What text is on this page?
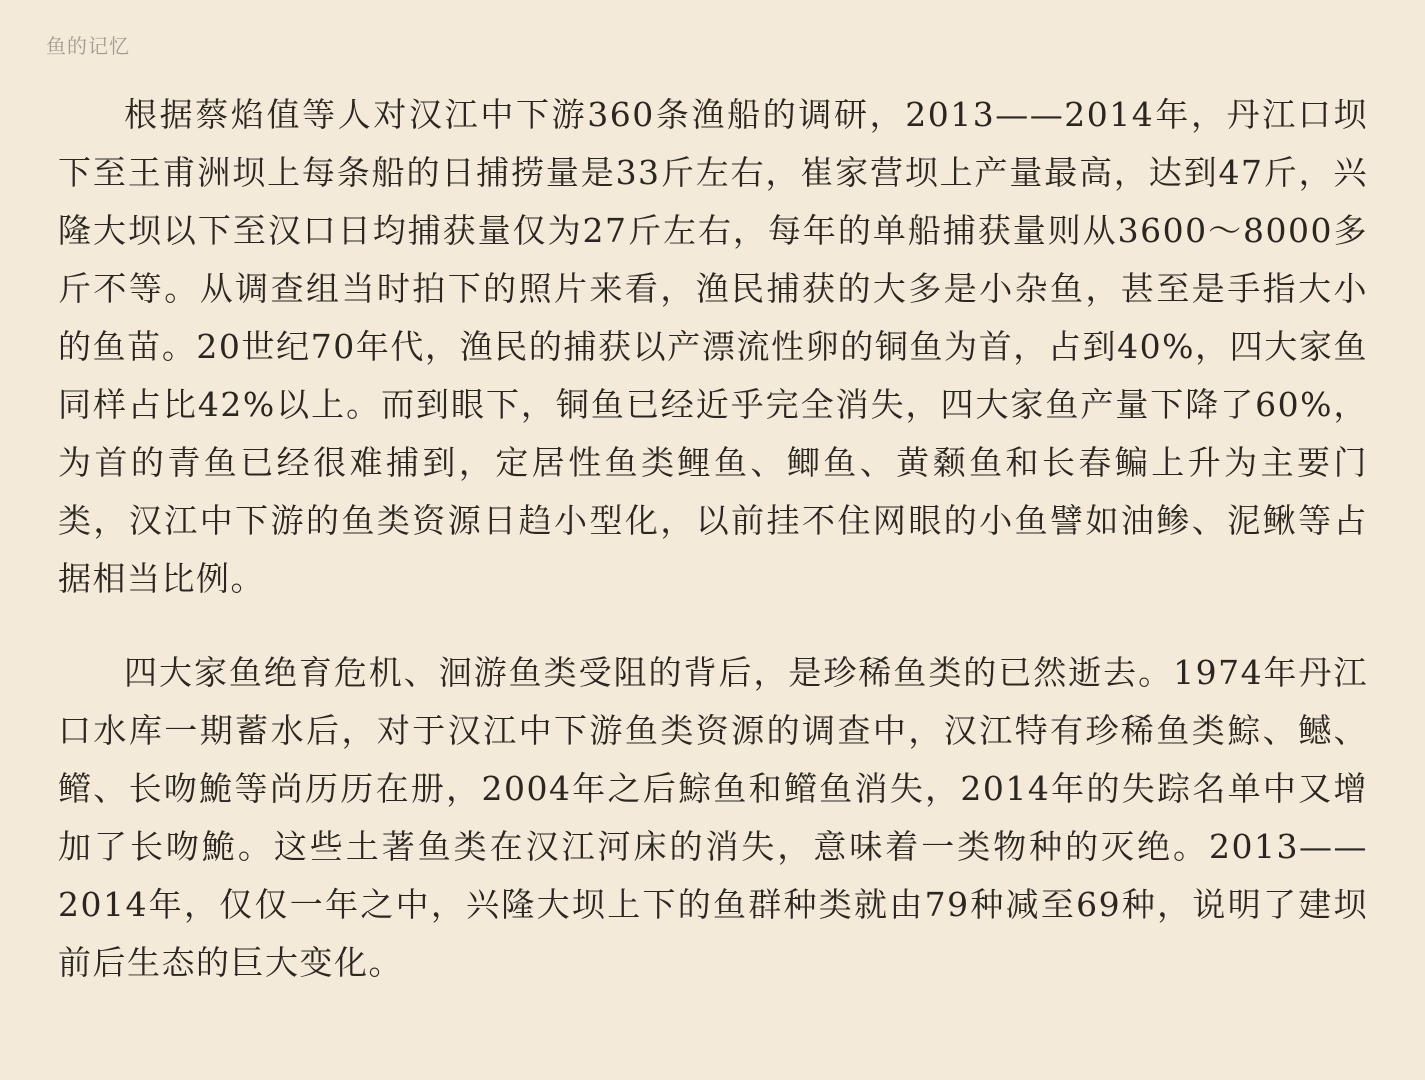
鱼的记忆

根据蔡焰值等人对汉江中下游360条渔船的调研，2013——2014年，丹江口坝下至王甫洲坝上每条船的日捕捞量是33斤左右，崔家营坝上产量最高，达到47斤，兴隆大坝以下至汉口日均捕获量仅为27斤左右，每年的单船捕获量则从3600～8000多斤不等。从调查组当时拍下的照片来看，渔民捕获的大多是小杂鱼，甚至是手指大小的鱼苗。20世纪70年代，渔民的捕获以产漂流性卵的铜鱼为首，占到40%，四大家鱼同样占比42%以上。而到眼下，铜鱼已经近乎完全消失，四大家鱼产量下降了60%，为首的青鱼已经很难捕到，定居性鱼类鲤鱼、鲫鱼、黄颡鱼和长春鳊上升为主要门类，汉江中下游的鱼类资源日趋小型化，以前挂不住网眼的小鱼譬如油鲹、泥鳅等占据相当比例。

四大家鱼绝育危机、洄游鱼类受阻的背后，是珍稀鱼类的已然逝去。1974年丹江口水库一期蓄水后，对于汉江中下游鱼类资源的调查中，汉江特有珍稀鱼类鯮、鳡、鳤、长吻鮠等尚历历在册，2004年之后鯮鱼和鳤鱼消失，2014年的失踪名单中又增加了长吻鮠。这些土著鱼类在汉江河床的消失，意味着一类物种的灭绝。2013——2014年，仅仅一年之中，兴隆大坝上下的鱼群种类就由79种减至69种，说明了建坝前后生态的巨大变化。
